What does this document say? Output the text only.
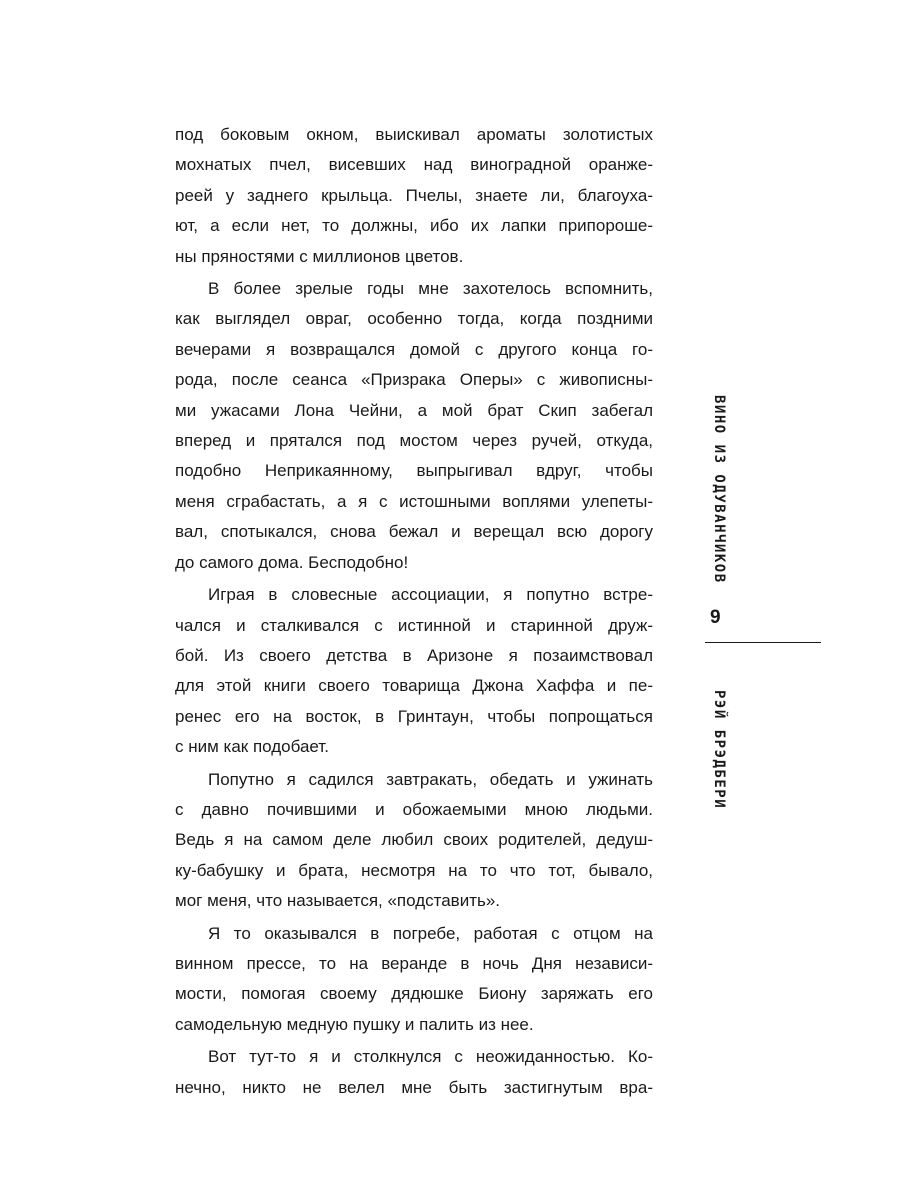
под боковым окном, выискивал ароматы золотистых
мохнатых пчел, висевших над виноградной оранже-
реей у заднего крыльца. Пчелы, знаете ли, благоуха-
ют, а если нет, то должны, ибо их лапки припороше-
ны пряностями с миллионов цветов.

В более зрелые годы мне захотелось вспомнить,
как выглядел овраг, особенно тогда, когда поздними
вечерами я возвращался домой с другого конца го-
рода, после сеанса «Призрака Оперы» с живописны-
ми ужасами Лона Чейни, а мой брат Скип забегал
вперед и прятался под мостом через ручей, откуда,
подобно Неприкаянному, выпрыгивал вдруг, чтобы
меня сграбастать, а я с истошными воплями улепеты-
вал, спотыкался, снова бежал и верещал всю дорогу
до самого дома. Бесподобно!

Играя в словесные ассоциации, я попутно встре-
чался и сталкивался с истинной и старинной друж-
бой. Из своего детства в Аризоне я позаимствовал
для этой книги своего товарища Джона Хаффа и пе-
ренес его на восток, в Гринтаун, чтобы попрощаться
с ним как подобает.

Попутно я садился завтракать, обедать и ужинать
с давно почившими и обожаемыми мною людьми.
Ведь я на самом деле любил своих родителей, дедуш-
ку-бабушку и брата, несмотря на то что тот, бывало,
мог меня, что называется, «подставить».

Я то оказывался в погребе, работая с отцом на
винном прессе, то на веранде в ночь Дня независи-
мости, помогая своему дядюшке Биону заряжать его
самодельную медную пушку и палить из нее.

Вот тут-то я и столкнулся с неожиданностью. Ко-
нечно, никто не велел мне быть застигнутым вра-

ВИНО ИЗ ОДУВАНЧИКОВ
9
РЭЙ БРЭДБЕРИ
